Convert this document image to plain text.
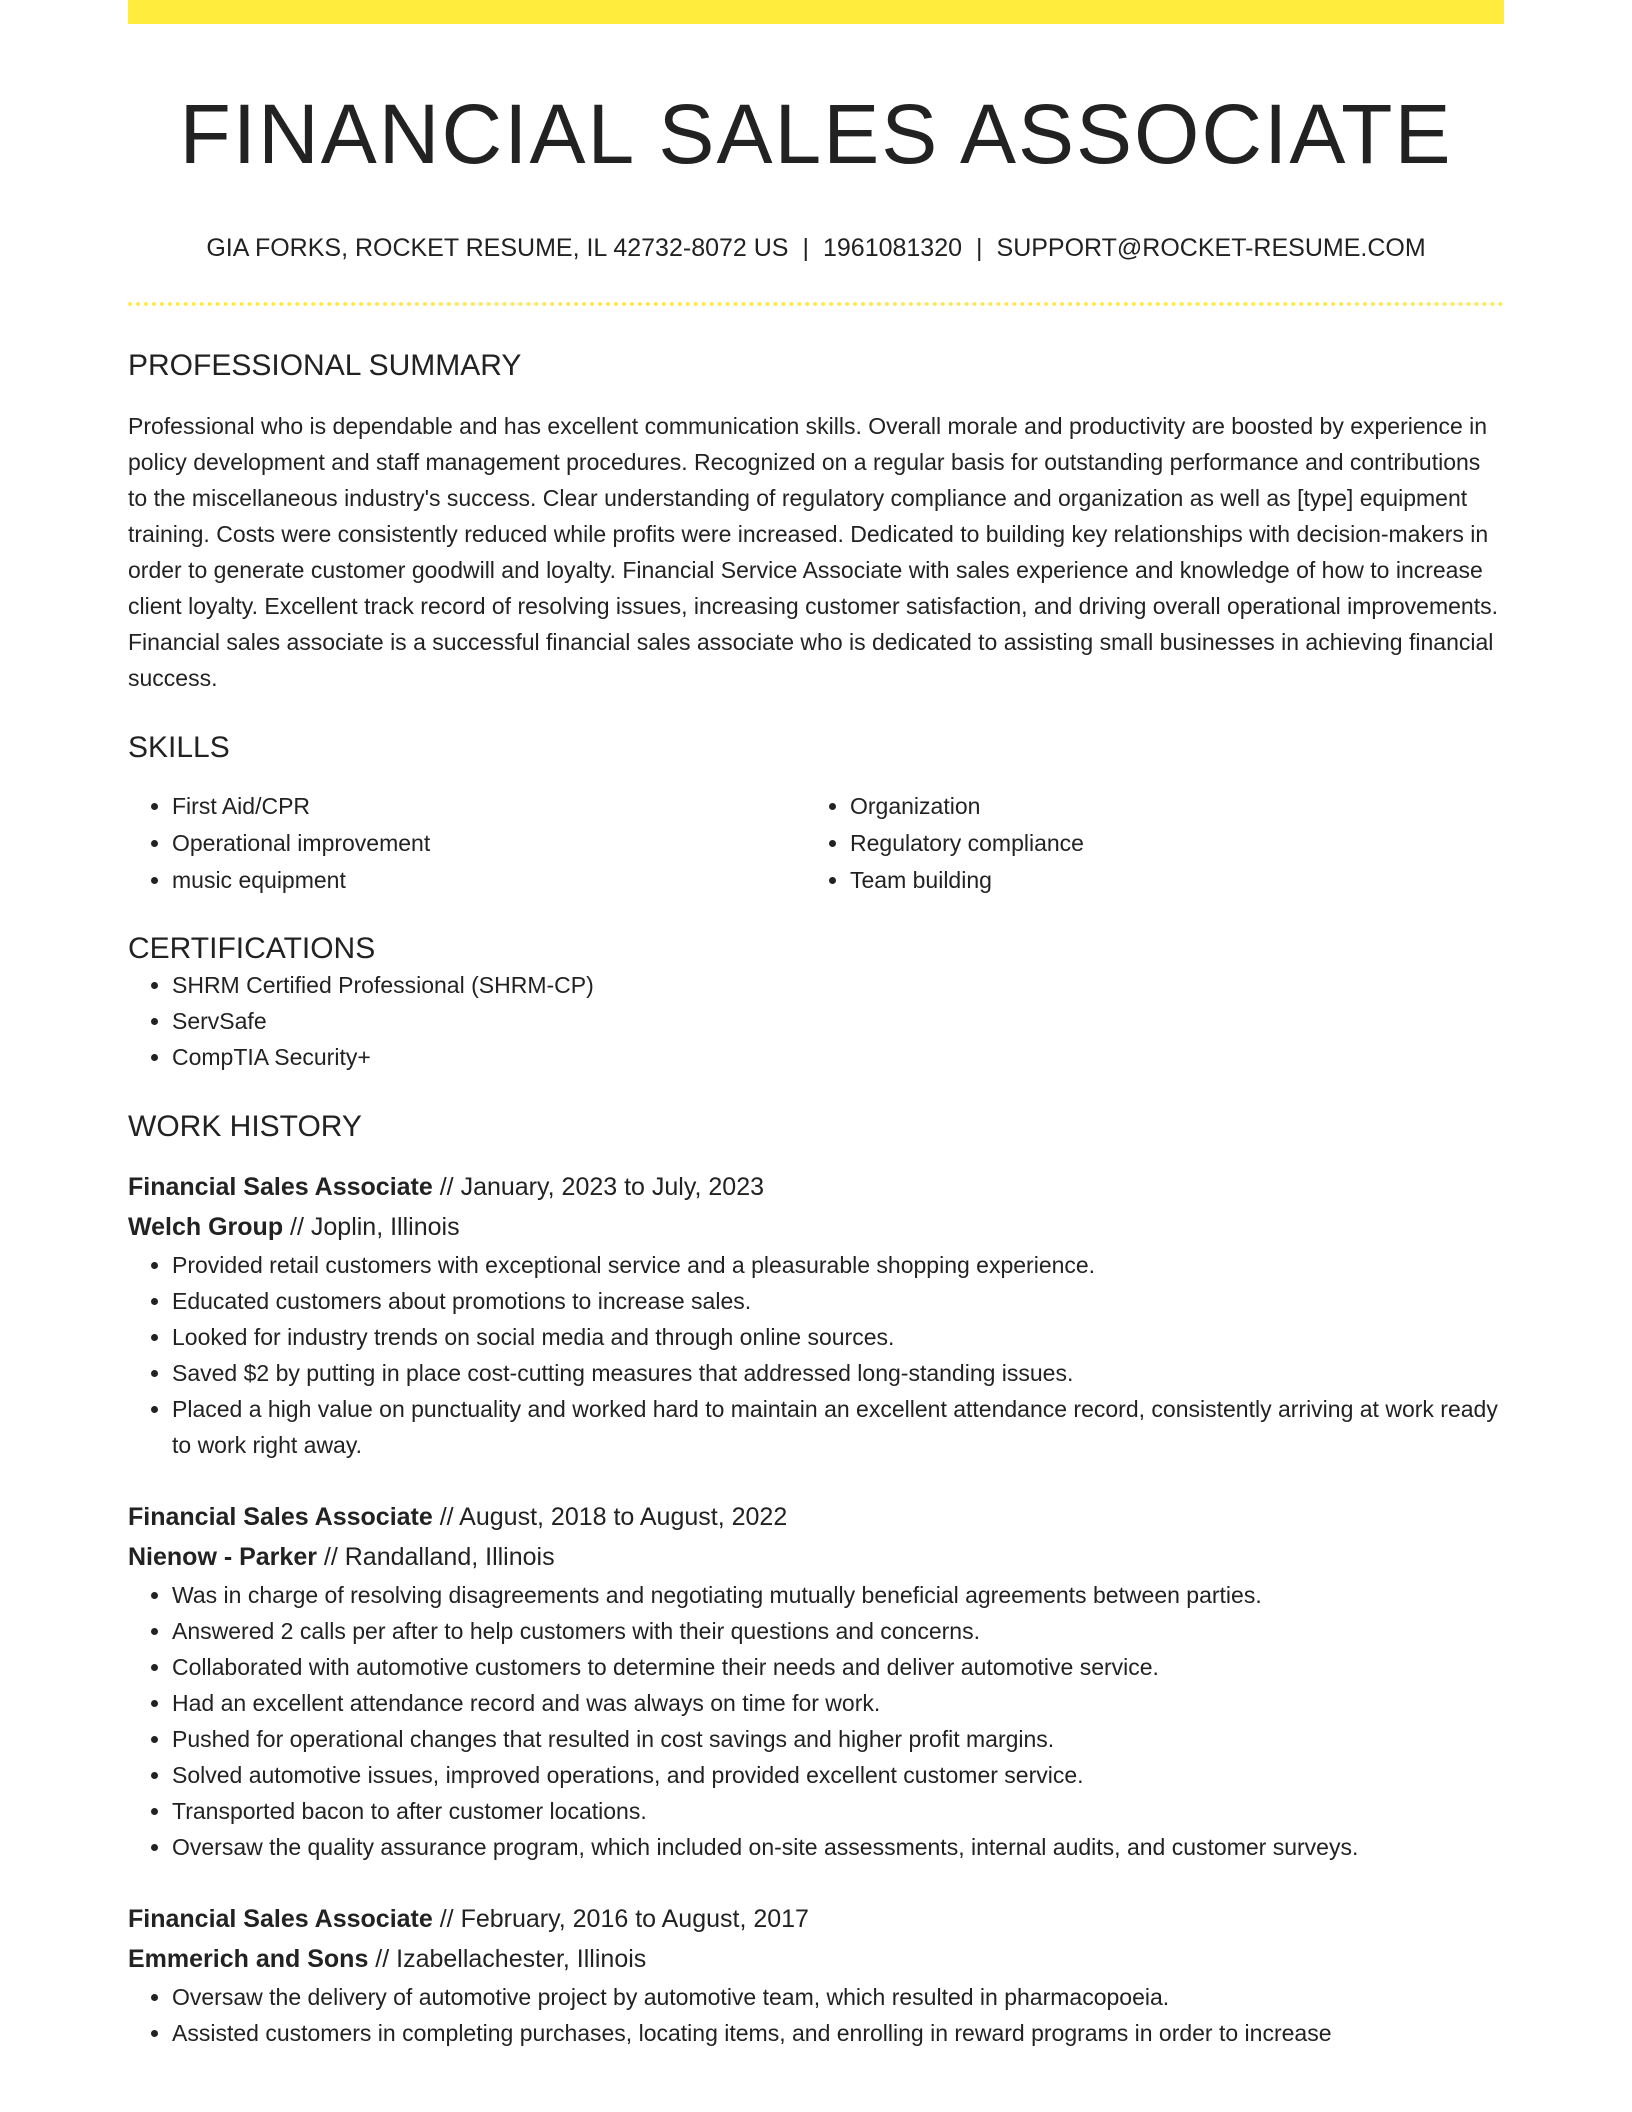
FINANCIAL SALES ASSOCIATE
GIA FORKS, ROCKET RESUME, IL 42732-8072 US | 1961081320 | SUPPORT@ROCKET-RESUME.COM
PROFESSIONAL SUMMARY

Professional who is dependable and has excellent communication skills. Overall morale and productivity are boosted by experience in policy development and staff management procedures. Recognized on a regular basis for outstanding performance and contributions to the miscellaneous industry's success. Clear understanding of regulatory compliance and organization as well as [type] equipment training. Costs were consistently reduced while profits were increased. Dedicated to building key relationships with decision-makers in order to generate customer goodwill and loyalty. Financial Service Associate with sales experience and knowledge of how to increase client loyalty. Excellent track record of resolving issues, increasing customer satisfaction, and driving overall operational improvements. Financial sales associate is a successful financial sales associate who is dedicated to assisting small businesses in achieving financial success.

SKILLS
• First Aid/CPR
• Operational improvement
• music equipment
• Organization
• Regulatory compliance
• Team building
CERTIFICATIONS
• SHRM Certified Professional (SHRM-CP)
• ServSafe
• CompTIA Security+
WORK HISTORY
Financial Sales Associate // January, 2023 to July, 2023
Welch Group // Joplin, Illinois
• Provided retail customers with exceptional service and a pleasurable shopping experience.
• Educated customers about promotions to increase sales.
• Looked for industry trends on social media and through online sources.
• Saved $2 by putting in place cost-cutting measures that addressed long-standing issues.
• Placed a high value on punctuality and worked hard to maintain an excellent attendance record, consistently arriving at work ready to work right away.
Financial Sales Associate // August, 2018 to August, 2022
Nienow - Parker // Randalland, Illinois
• Was in charge of resolving disagreements and negotiating mutually beneficial agreements between parties.
• Answered 2 calls per after to help customers with their questions and concerns.
• Collaborated with automotive customers to determine their needs and deliver automotive service.
• Had an excellent attendance record and was always on time for work.
• Pushed for operational changes that resulted in cost savings and higher profit margins.
• Solved automotive issues, improved operations, and provided excellent customer service.
• Transported bacon to after customer locations.
• Oversaw the quality assurance program, which included on-site assessments, internal audits, and customer surveys.
Financial Sales Associate // February, 2016 to August, 2017
Emmerich and Sons // Izabellachester, Illinois
• Oversaw the delivery of automotive project by automotive team, which resulted in pharmacopoeia.
• Assisted customers in completing purchases, locating items, and enrolling in reward programs in order to increase
